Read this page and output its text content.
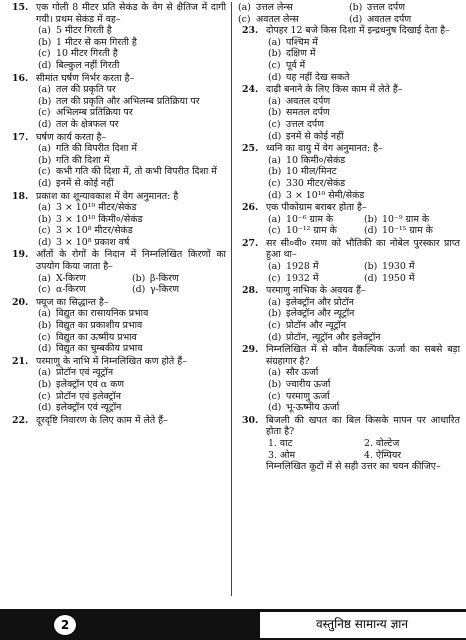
15. एक गोली 8 मीटर प्रति सेकंड के वेग से क्षैतिज में दागी गयी। प्रथम सेकंड में वह–
(a) 5 मीटर गिरती है
(b) 1 मीटर से कम गिरती है
(c) 10 मीटर गिरती है
(d) बिल्कुल नहीं गिरती
16. सीमांत घर्षण निर्भर करता है–
(a) तल की प्रकृति पर
(b) तल की प्रकृति और अभिलम्ब प्रतिक्रिया पर
(c) अभिलम्ब प्रतिक्रिया पर
(d) तल के क्षेत्रफल पर
17. घर्षण कार्य करता है–
(a) गति की विपरीत दिशा में
(b) गति की दिशा में
(c) कभी गति की दिशा में, तो कभी विपरीत दिशा में
(d) इनमें से कोई नहीं
18. प्रकाश का शून्यावकाश में वेग अनुमानत: है
(a) 3 × 10¹⁰ मीटर/सेकंड
(b) 3 × 10¹⁰ किमी०/सेकंड
(c) 3 × 10⁸ मीटर/सेकंड
(d) 3 × 10⁸ प्रकाश वर्ष
19. आँतों के रोगों के निदान में निम्नलिखित किरणों का उपयोग किया जाता है–
(a) X-किरण	(b) β-किरण
(c) α-किरण	(d) γ-किरण
20. फ्यूज का सिद्धान्त है–
(a) विद्युत का रासायनिक प्रभाव
(b) विद्युत का प्रकाशीय प्रभाव
(c) विद्युत का ऊष्मीय प्रभाव
(d) विद्युत का चुम्बकीय प्रभाव
21. परमाणु के नाभि में निम्नलिखित कण होते हैं–
(a) प्रोटॉन एवं न्यूट्रॉन
(b) इलेक्ट्रॉन एवं α कण
(c) प्रोटॉन एवं इलेक्ट्रॉन
(d) इलेक्ट्रॉन एवं न्यूट्रॉन
22. दूरदृष्टि निवारण के लिए काम में लेते हैं–
(a) उत्तल लेन्स	(b) उत्तल दर्पण
(c) अवतल लेन्स	(d) अवतल दर्पण
23. दोपहर 12 बजे किस दिशा में इन्द्रधनुष दिखाई देता है–
(a) पश्चिम में
(b) दक्षिण में
(c) पूर्व में
(d) यह नहीं देख सकते
24. दाढ़ी बनाने के लिए किस काम में लेते हैं–
(a) अवतल दर्पण
(b) समतल दर्पण
(c) उत्तल दर्पण
(d) इनमें से कोई नहीं
25. ध्वनि का वायु में वेग अनुमानत: है–
(a) 10 किमी०/सेकंड
(b) 10 मील/मिनट
(c) 330 मीटर/सेकंड
(d) 3 × 10¹⁰ सेमी/सेकंड
26. एक पीकोग्राम बराबर होता है–
(a) 10⁻⁶ ग्राम के	(b) 10⁻⁹ ग्राम के
(c) 10⁻¹² ग्राम के	(d) 10⁻¹⁵ ग्राम के
27. सर सी०वी० रमण को भौतिकी का नोबेल पुरस्कार प्राप्त हुआ था–
(a) 1928 में	(b) 1930 में
(c) 1932 में	(d) 1950 में
28. परमाणु नाभिक के अवयव हैं–
(a) इलेक्ट्रॉन और प्रोटॉन
(b) इलेक्ट्रॉन और न्यूट्रॉन
(c) प्रोटॉन और न्यूट्रॉन
(d) प्रोटॉन, न्यूट्रॉन और इलेक्ट्रॉन
29. निम्नलिखित में से कौन वैकल्पिक ऊर्जा का सबसे बड़ा संग्रहागार है?
(a) सौर ऊर्जा
(b) ज्वारीय ऊर्जा
(c) परमाणु ऊर्जा
(d) भू-ऊष्मीय ऊर्जा
30. बिजली की खपत का बिल किसके मापन पर आधारित होता है?
1. वाट	2. वोल्टेज
3. ओम	4. ऐम्पियर
निम्नलिखित कूटों में से सही उत्तर का चयन कीजिए–
2	वस्तुनिष्ठ सामान्य ज्ञान
